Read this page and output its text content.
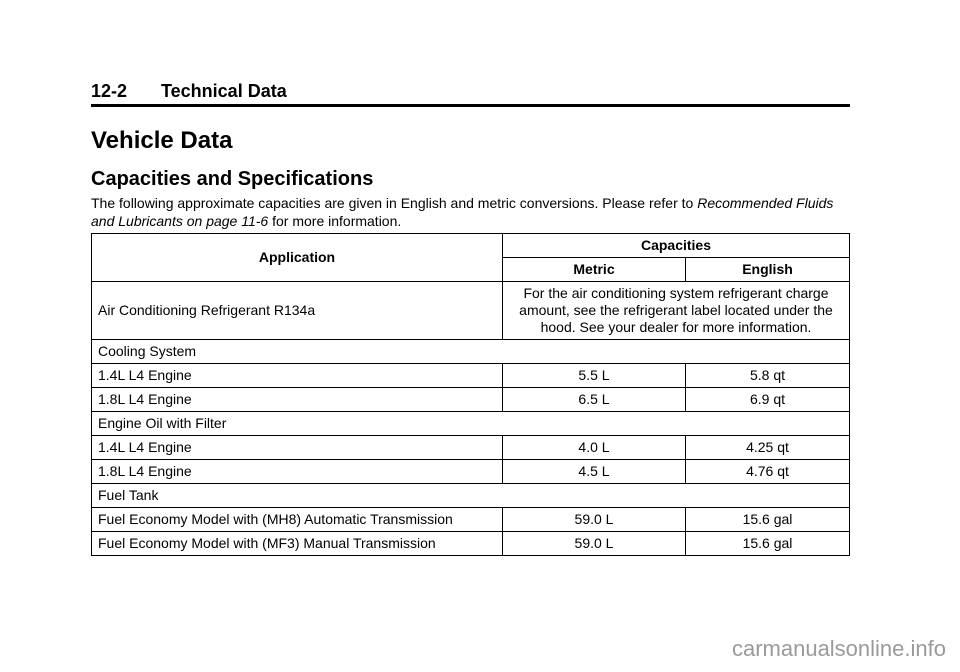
12-2 Technical Data
Vehicle Data
Capacities and Specifications
The following approximate capacities are given in English and metric conversions. Please refer to Recommended Fluids and Lubricants on page 11-6 for more information.
Application	Capacities	
	Metric	English
Air Conditioning Refrigerant R134a	For the air conditioning system refrigerant charge amount, see the refrigerant label located under the hood. See your dealer for more information.	
Cooling System		
1.4L L4 Engine	5.5 L	5.8 qt
1.8L L4 Engine	6.5 L	6.9 qt
Engine Oil with Filter		
1.4L L4 Engine	4.0 L	4.25 qt
1.8L L4 Engine	4.5 L	4.76 qt
Fuel Tank		
Fuel Economy Model with (MH8) Automatic Transmission	59.0 L	15.6 gal
Fuel Economy Model with (MF3) Manual Transmission	59.0 L	15.6 gal
carmanualsonline.info
